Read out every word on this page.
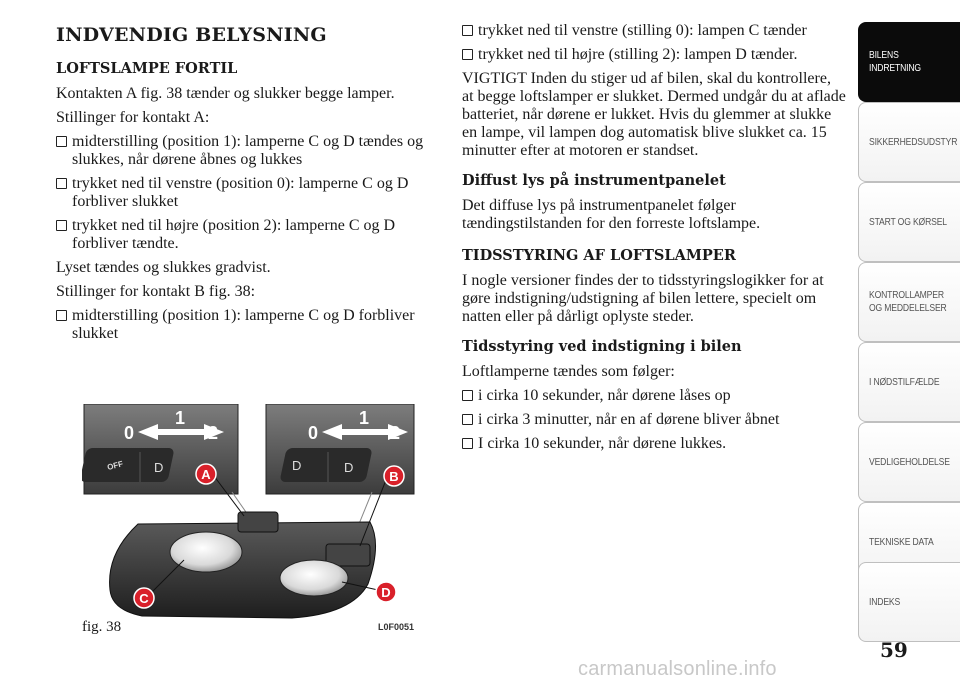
INDVENDIG BELYSNING
LOFTSLAMPE FORTIL

Kontakten A fig. 38 tænder og slukker begge lamper.

Stillinger for kontakt A:

midterstilling (position 1): lamperne C og D tændes og slukkes, når dørene åbnes og lukkes
trykket ned til venstre (position 0): lamperne C og D forbliver slukket
trykket ned til højre (position 2): lamperne C og D forbliver tændte.

Lyset tændes og slukkes gradvist.

Stillinger for kontakt B fig. 38:

midterstilling (position 1): lamperne C og D forbliver slukket
OFF D	D	D
0
1
2	0
1
2
A	B
C	D
fig. 38	L0F0051
trykket ned til venstre (stilling 0): lampen C tænder
trykket ned til højre (stilling 2): lampen D tænder.

VIGTIGT Inden du stiger ud af bilen, skal du kontrollere, at begge loftslamper er slukket. Dermed undgår du at aflade batteriet, når dørene er lukket. Hvis du glemmer at slukke en lampe, vil lampen dog automatisk blive slukket ca. 15 minutter efter at motoren er standset.

Diffust lys på instrumentpanelet

Det diffuse lys på instrumentpanelet følger tændingstilstanden for den forreste loftslampe.

TIDSSTYRING AF LOFTSLAMPER

I nogle versioner findes der to tidsstyringslogikker for at gøre indstigning/udstigning af bilen lettere, specielt om natten eller på dårligt oplyste steder.

Tidsstyring ved indstigning i bilen

Loftlamperne tændes som følger:

i cirka 10 sekunder, når dørene låses op
i cirka 3 minutter, når en af dørene bliver åbnet
I cirka 10 sekunder, når dørene lukkes.
BILENS
INDRETNING
SIKKERHEDSUDSTYR
START OG KØRSEL
KONTROLLAMPER
OG MEDDELELSER
I NØDSTILFÆLDE
VEDLIGEHOLDELSE
TEKNISKE DATA
INDEKS
59
carmanualsonline.info
